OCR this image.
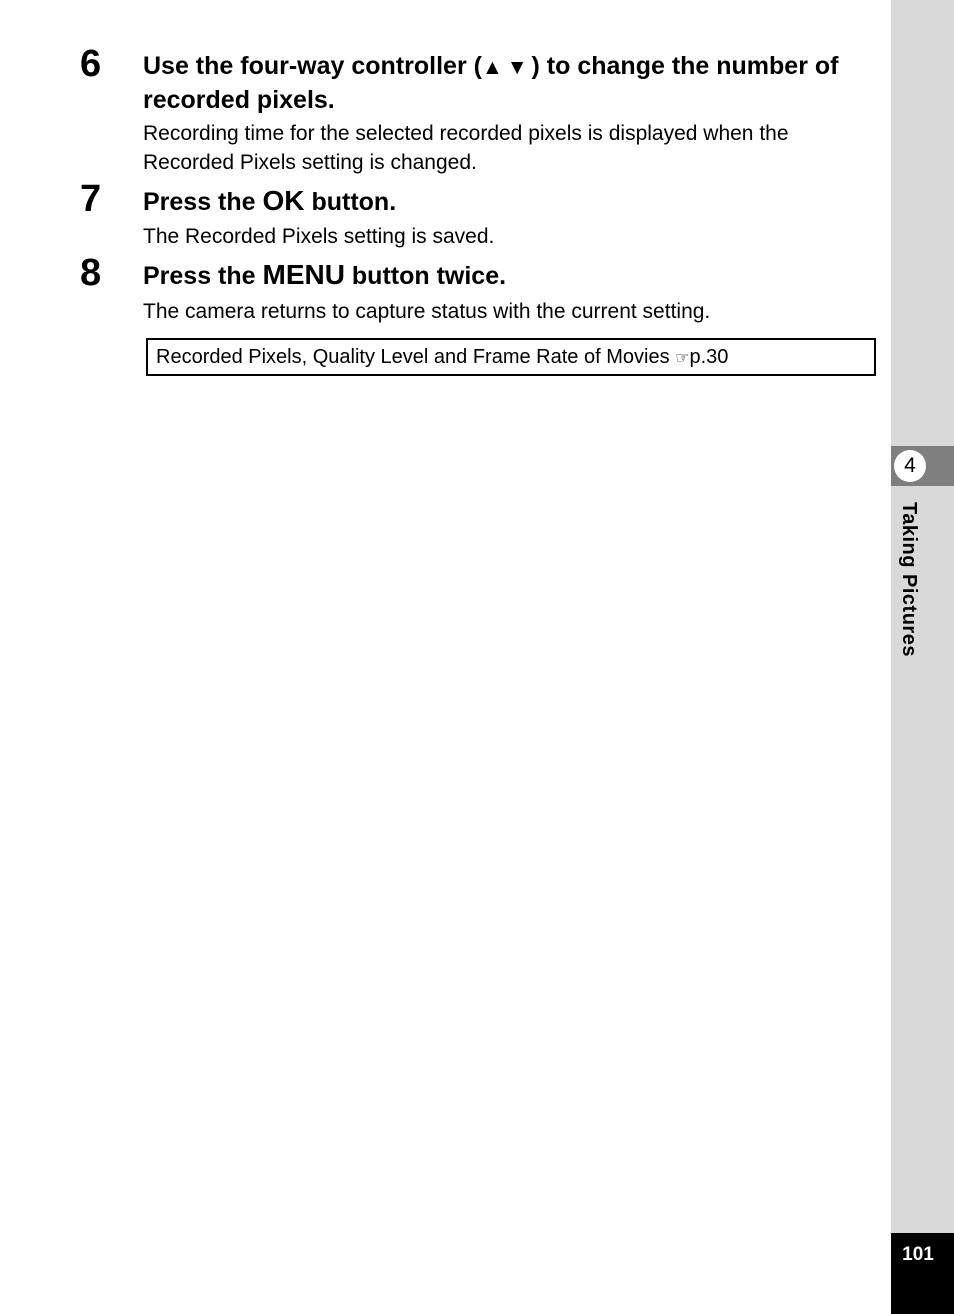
6 Use the four-way controller (▲▼) to change the number of recorded pixels.
Recording time for the selected recorded pixels is displayed when the Recorded Pixels setting is changed.
7 Press the OK button.
The Recorded Pixels setting is saved.
8 Press the MENU button twice.
The camera returns to capture status with the current setting.
Recorded Pixels, Quality Level and Frame Rate of Movies ☞p.30
4
Taking Pictures
101
